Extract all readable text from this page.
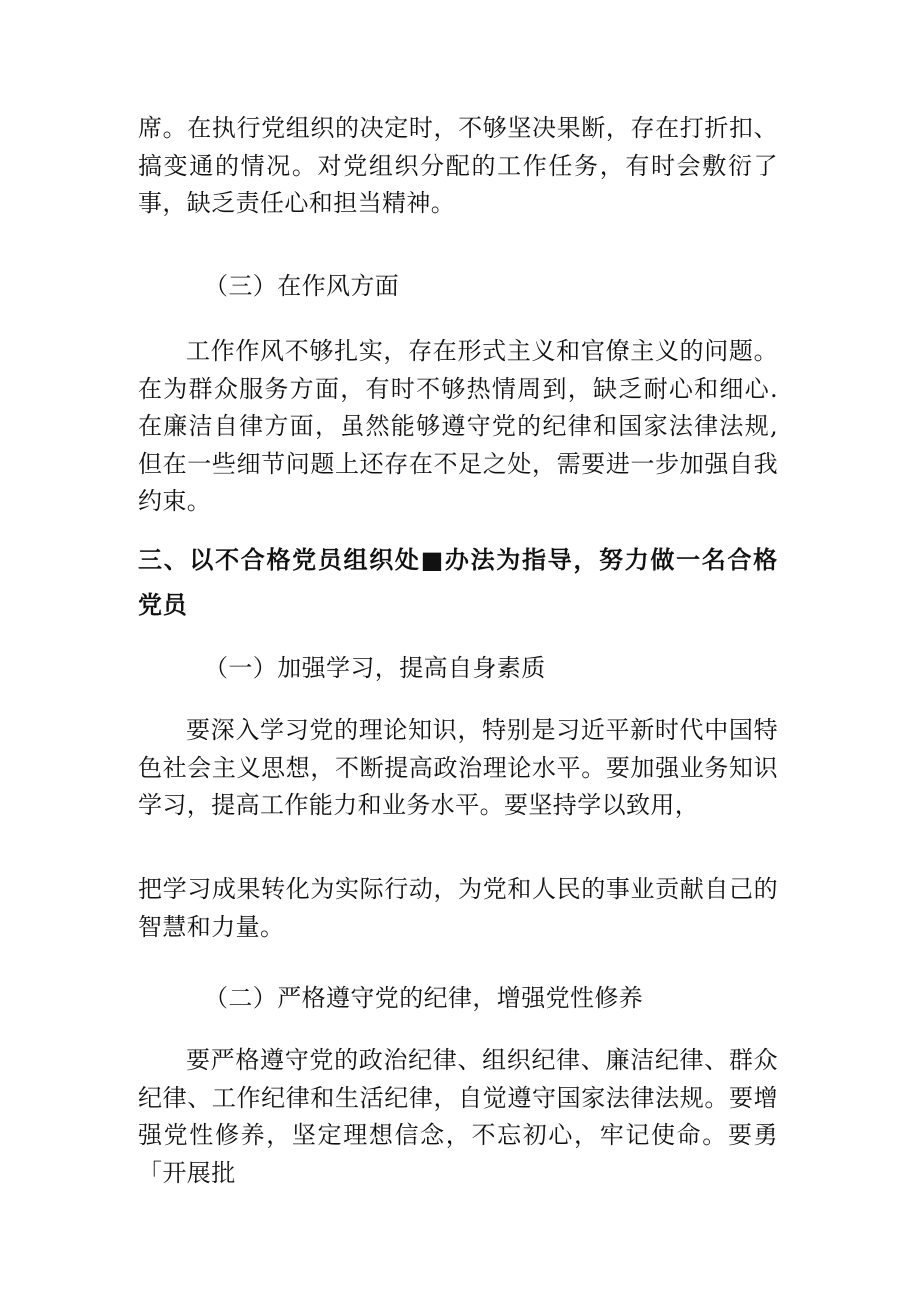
席。在执行党组织的决定时，不够坚决果断，存在打折扣、搞变通的情况。对党组织分配的工作任务，有时会敷衍了事，缺乏责任心和担当精神。

（三）在作风方面

工作作风不够扎实，存在形式主义和官僚主义的问题。在为群众服务方面，有时不够热情周到，缺乏耐心和细心.在廉洁自律方面，虽然能够遵守党的纪律和国家法律法规,但在一些细节问题上还存在不足之处，需要进一步加强自我约束。

三、以不合格党员组织处■办法为指导，努力做一名合格党员

（一）加强学习，提高自身素质

要深入学习党的理论知识，特别是习近平新时代中国特色社会主义思想，不断提高政治理论水平。要加强业务知识学习，提高工作能力和业务水平。要坚持学以致用，

把学习成果转化为实际行动，为党和人民的事业贡献自己的智慧和力量。

（二）严格遵守党的纪律，增强党性修养

要严格遵守党的政治纪律、组织纪律、廉洁纪律、群众纪律、工作纪律和生活纪律，自觉遵守国家法律法规。要增强党性修养，坚定理想信念，不忘初心，牢记使命。要勇「开展批
